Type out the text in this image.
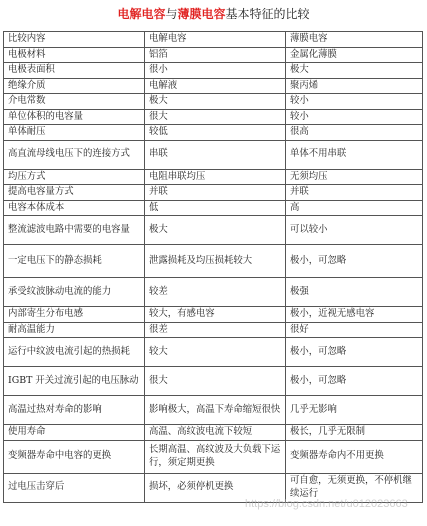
电解电容与薄膜电容基本特征的比较
比较内容	电解电容	薄膜电容
电极材料	铝箔	金属化薄膜
电极表面积	很小	极大
绝缘介质	电解液	聚丙烯
介电常数	极大	较小
单位体积的电容量	很大	较小
单体耐压	较低	很高
高直流母线电压下的连接方式	串联	单体不用串联
均压方式	电阻串联均压	无须均压
提高电容量方式	并联	并联
电容本体成本	低	高
整流滤波电路中需要的电容量	极大	可以较小
一定电压下的静态损耗	泄露损耗及均压损耗较大	极小，可忽略
承受纹波脉动电流的能力	较差	极强
内部寄生分布电感	较大，有感电容	极小，近视无感电容
耐高温能力	很差	很好
运行中纹波电流引起的热损耗	较大	极小，可忽略
IGBT 开关过流引起的电压脉动	很大	极小，可忽略
高温过热对寿命的影响	影响极大，高温下寿命缩短很快	几乎无影响
使用寿命	高温、高纹波电流下较短	极长，几乎无限制
变频器寿命中电容的更换	长期高温、高纹波及大负载下运行，须定期更换	变频器寿命内不用更换
过电压击穿后	损坏，必须停机更换	可自愈，无须更换，不停机继续运行
https://blog.csdn.net/u012023663
